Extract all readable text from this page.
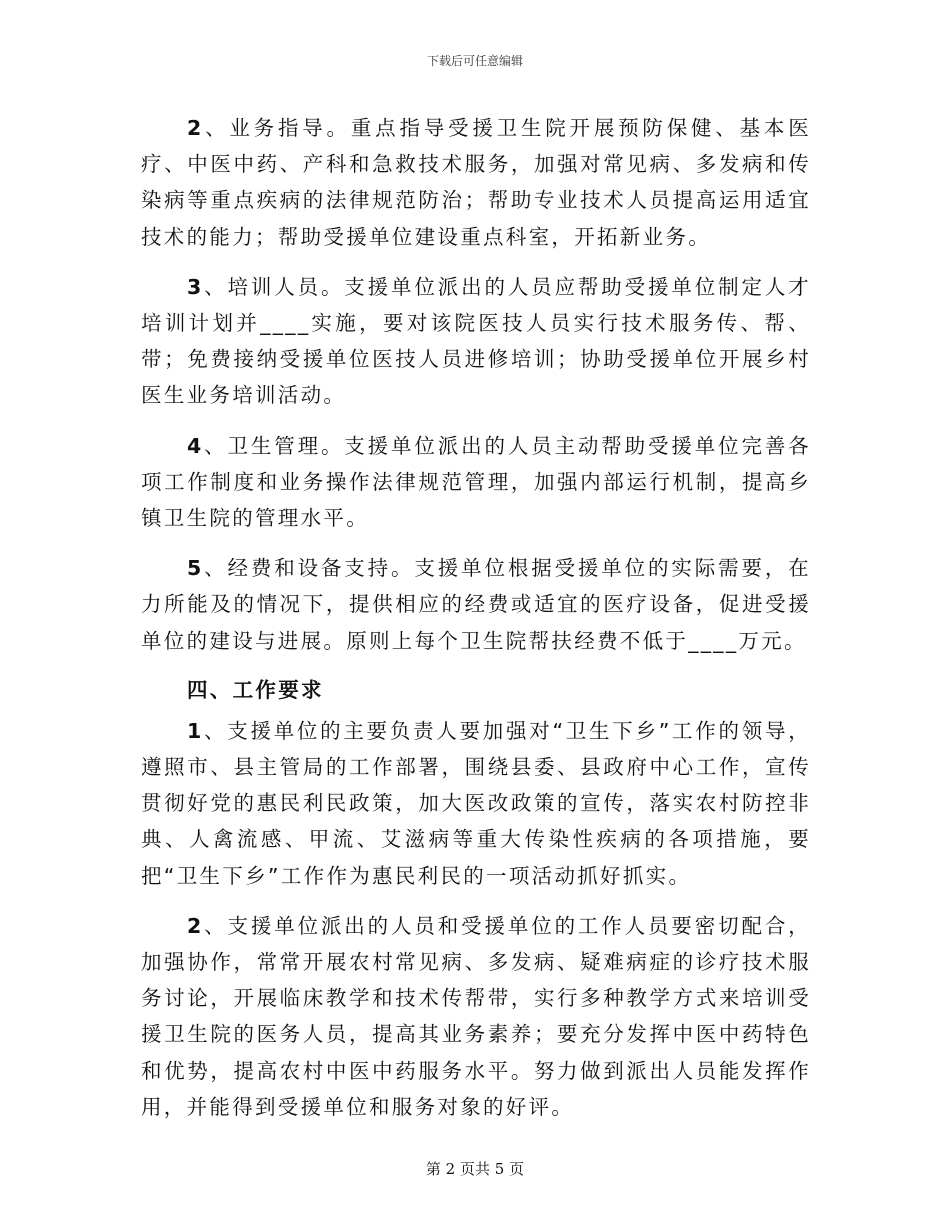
下载后可任意编辑

2、业务指导。重点指导受援卫生院开展预防保健、基本医疗、中医中药、产科和急救技术服务，加强对常见病、多发病和传染病等重点疾病的法律规范防治；帮助专业技术人员提高运用适宜技术的能力；帮助受援单位建设重点科室，开拓新业务。

3、培训人员。支援单位派出的人员应帮助受援单位制定人才培训计划并____实施，要对该院医技人员实行技术服务传、帮、带；免费接纳受援单位医技人员进修培训；协助受援单位开展乡村医生业务培训活动。

4、卫生管理。支援单位派出的人员主动帮助受援单位完善各项工作制度和业务操作法律规范管理，加强内部运行机制，提高乡镇卫生院的管理水平。

5、经费和设备支持。支援单位根据受援单位的实际需要，在力所能及的情况下，提供相应的经费或适宜的医疗设备，促进受援单位的建设与进展。原则上每个卫生院帮扶经费不低于____万元。

四、工作要求

1、支援单位的主要负责人要加强对“卫生下乡”工作的领导，遵照市、县主管局的工作部署，围绕县委、县政府中心工作，宣传贯彻好党的惠民利民政策，加大医改政策的宣传，落实农村防控非典、人禽流感、甲流、艾滋病等重大传染性疾病的各项措施，要把“卫生下乡”工作作为惠民利民的一项活动抓好抓实。

2、支援单位派出的人员和受援单位的工作人员要密切配合，加强协作，常常开展农村常见病、多发病、疑难病症的诊疗技术服务讨论，开展临床教学和技术传帮带，实行多种教学方式来培训受援卫生院的医务人员，提高其业务素养；要充分发挥中医中药特色和优势，提高农村中医中药服务水平。努力做到派出人员能发挥作用，并能得到受援单位和服务对象的好评。

第 2 页共 5 页
